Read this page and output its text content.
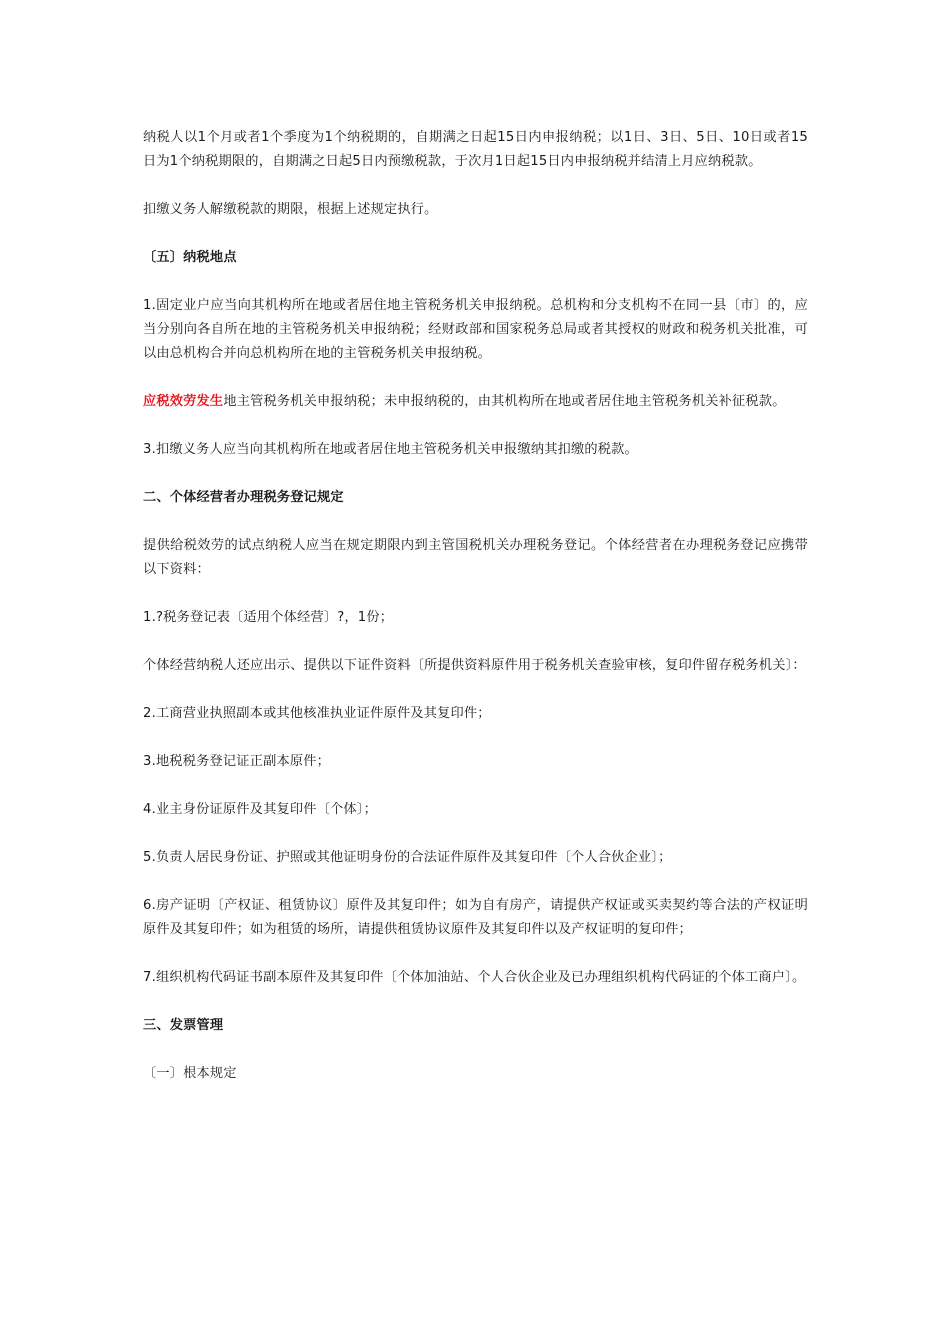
纳税人以1个月或者1个季度为1个纳税期的，自期满之日起15日内申报纳税；以1日、3日、5日、10日或者15日为1个纳税期限的，自期满之日起5日内预缴税款，于次月1日起15日内申报纳税并结清上月应纳税款。

扣缴义务人解缴税款的期限，根据上述规定执行。

〔五〕纳税地点

1.固定业户应当向其机构所在地或者居住地主管税务机关申报纳税。总机构和分支机构不在同一县〔市〕的，应当分别向各自所在地的主管税务机关申报纳税；经财政部和国家税务总局或者其授权的财政和税务机关批准，可以由总机构合并向总机构所在地的主管税务机关申报纳税。

应税效劳发生地主管税务机关申报纳税；未申报纳税的，由其机构所在地或者居住地主管税务机关补征税款。

3.扣缴义务人应当向其机构所在地或者居住地主管税务机关申报缴纳其扣缴的税款。

二、个体经营者办理税务登记规定

提供给税效劳的试点纳税人应当在规定期限内到主管国税机关办理税务登记。个体经营者在办理税务登记应携带以下资料：

1.?税务登记表〔适用个体经营〕?，1份；

个体经营纳税人还应出示、提供以下证件资料〔所提供资料原件用于税务机关查验审核，复印件留存税务机关〕：

2.工商营业执照副本或其他核准执业证件原件及其复印件；

3.地税税务登记证正副本原件；

4.业主身份证原件及其复印件〔个体〕；

5.负责人居民身份证、护照或其他证明身份的合法证件原件及其复印件〔个人合伙企业〕；

6.房产证明〔产权证、租赁协议〕原件及其复印件；如为自有房产，请提供产权证或买卖契约等合法的产权证明原件及其复印件；如为租赁的场所，请提供租赁协议原件及其复印件以及产权证明的复印件；

7.组织机构代码证书副本原件及其复印件〔个体加油站、个人合伙企业及已办理组织机构代码证的个体工商户〕。

三、发票管理

〔一〕根本规定
